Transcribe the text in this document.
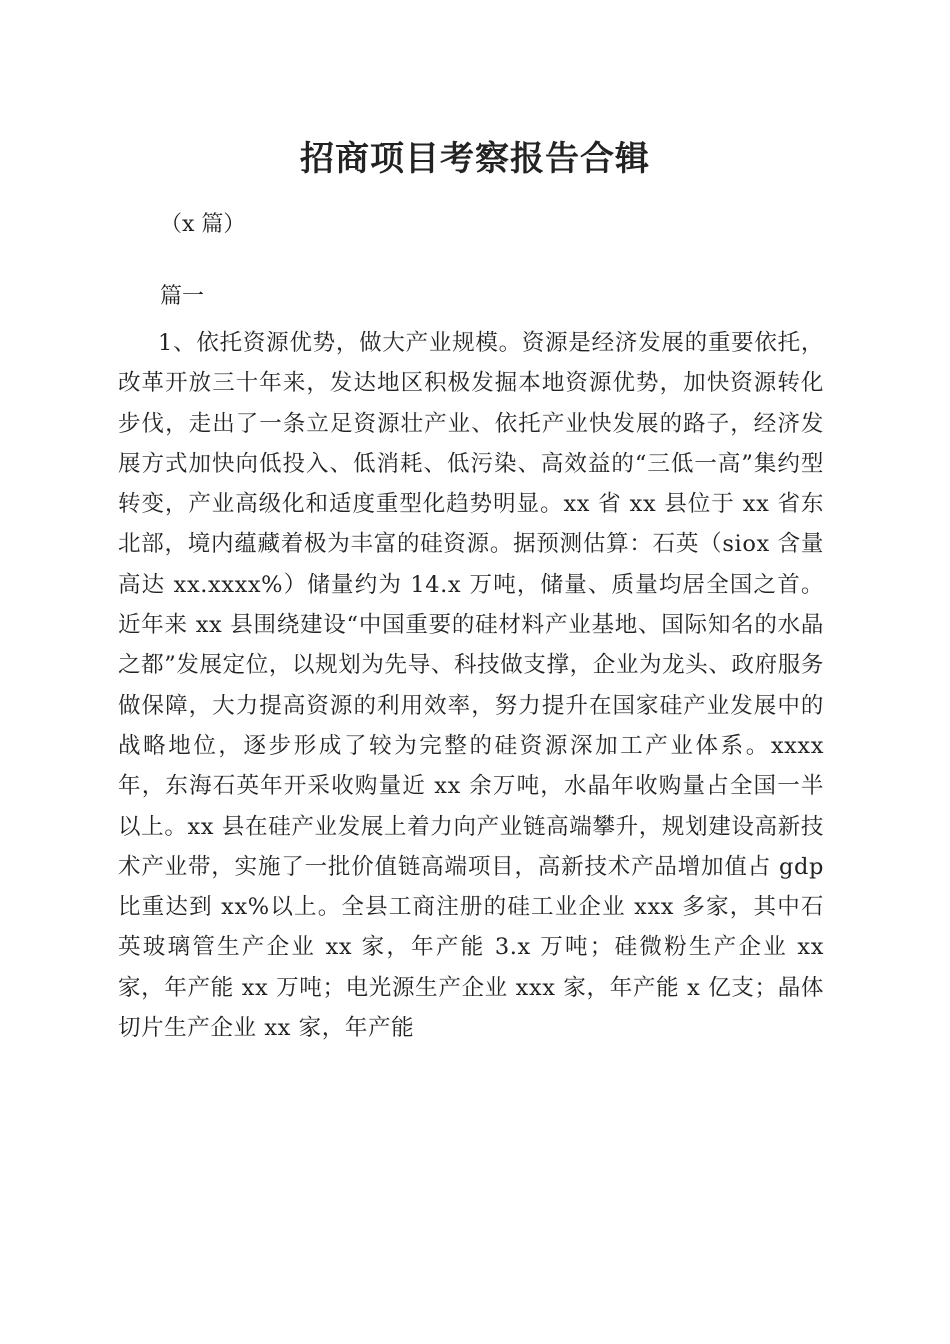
招商项目考察报告合辑

（x 篇）

篇一

1、依托资源优势，做大产业规模。资源是经济发展的重要依托，改革开放三十年来，发达地区积极发掘本地资源优势，加快资源转化步伐，走出了一条立足资源壮产业、依托产业快发展的路子，经济发展方式加快向低投入、低消耗、低污染、高效益的“三低一高”集约型转变，产业高级化和适度重型化趋势明显。xx 省 xx 县位于 xx 省东北部，境内蕴藏着极为丰富的硅资源。据预测估算：石英（siox 含量高达 xx.xxxx%）储量约为 14.x 万吨，储量、质量均居全国之首。近年来 xx 县围绕建设“中国重要的硅材料产业基地、国际知名的水晶之都”发展定位，以规划为先导、科技做支撑，企业为龙头、政府服务做保障，大力提高资源的利用效率，努力提升在国家硅产业发展中的战略地位，逐步形成了较为完整的硅资源深加工产业体系。xxxx 年，东海石英年开采收购量近 xx 余万吨，水晶年收购量占全国一半以上。xx 县在硅产业发展上着力向产业链高端攀升，规划建设高新技术产业带，实施了一批价值链高端项目，高新技术产品增加值占 gdp 比重达到 xx%以上。全县工商注册的硅工业企业 xxx 多家，其中石英玻璃管生产企业 xx 家，年产能 3.x 万吨；硅微粉生产企业 xx 家，年产能 xx 万吨；电光源生产企业 xxx 家，年产能 x 亿支；晶体切片生产企业 xx 家，年产能
